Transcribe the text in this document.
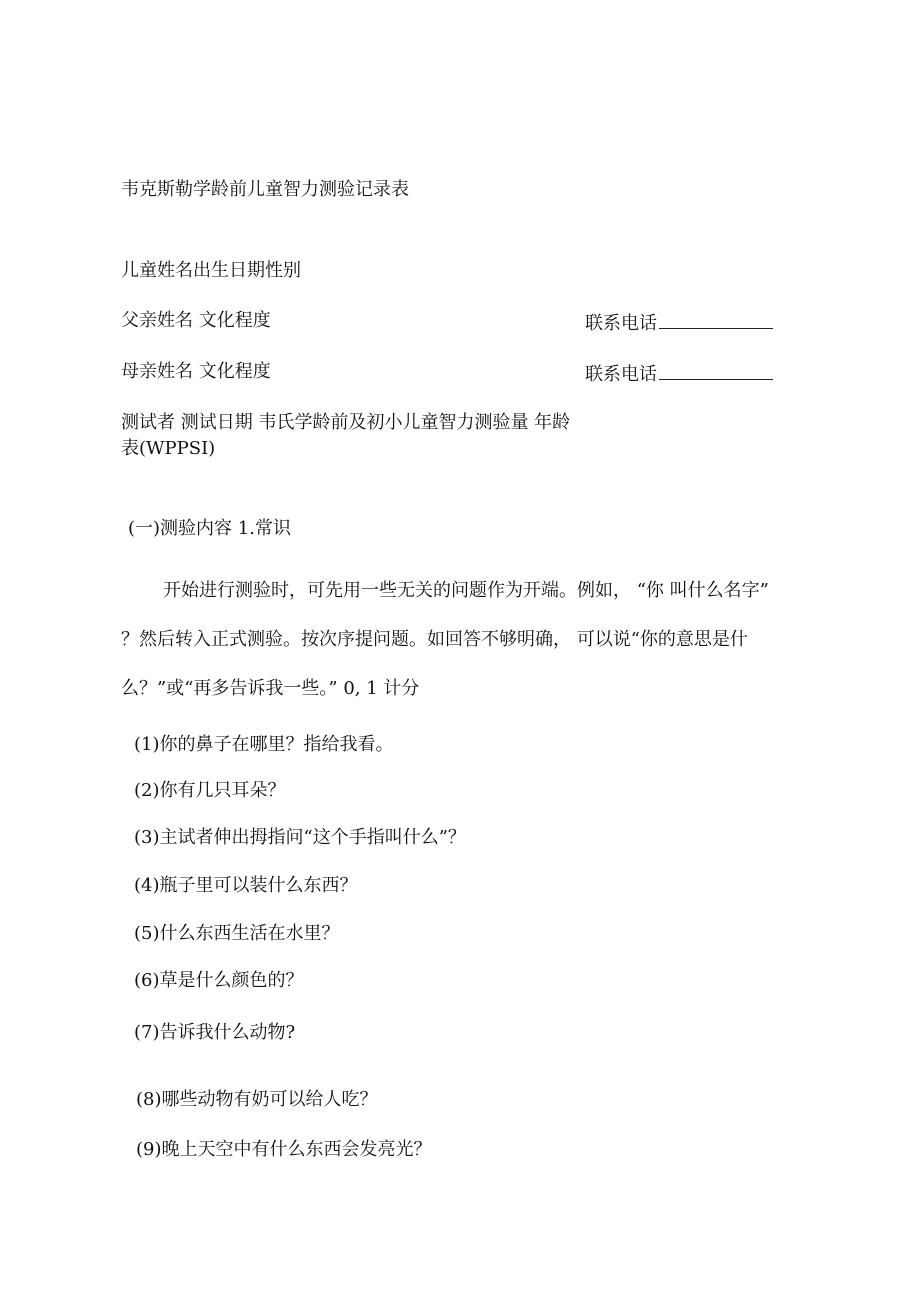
韦克斯勒学龄前儿童智力测验记录表
儿童姓名出生日期性别
父亲姓名 文化程度	联系电话
母亲姓名 文化程度	联系电话
测试者 测试日期 韦氏学龄前及初小儿童智力测验量 年龄
表(WPPSI)
(一)测验内容 1.常识
开始进行测验时，可先用一些无关的问题作为开端。例如， “你 叫什么名字”
？然后转入正式测验。按次序提问题。如回答不够明确， 可以说“你的意思是什
么？”或“再多告诉我一些。” 0, 1 计分
(1)你的鼻子在哪里？指给我看。
(2)你有几只耳朵？
(3)主试者伸出拇指问“这个手指叫什么”？
(4)瓶子里可以装什么东西？
(5)什么东西生活在水里？
(6)草是什么颜色的？
(7)告诉我什么动物?
(8)哪些动物有奶可以给人吃？
(9)晚上天空中有什么东西会发亮光？
